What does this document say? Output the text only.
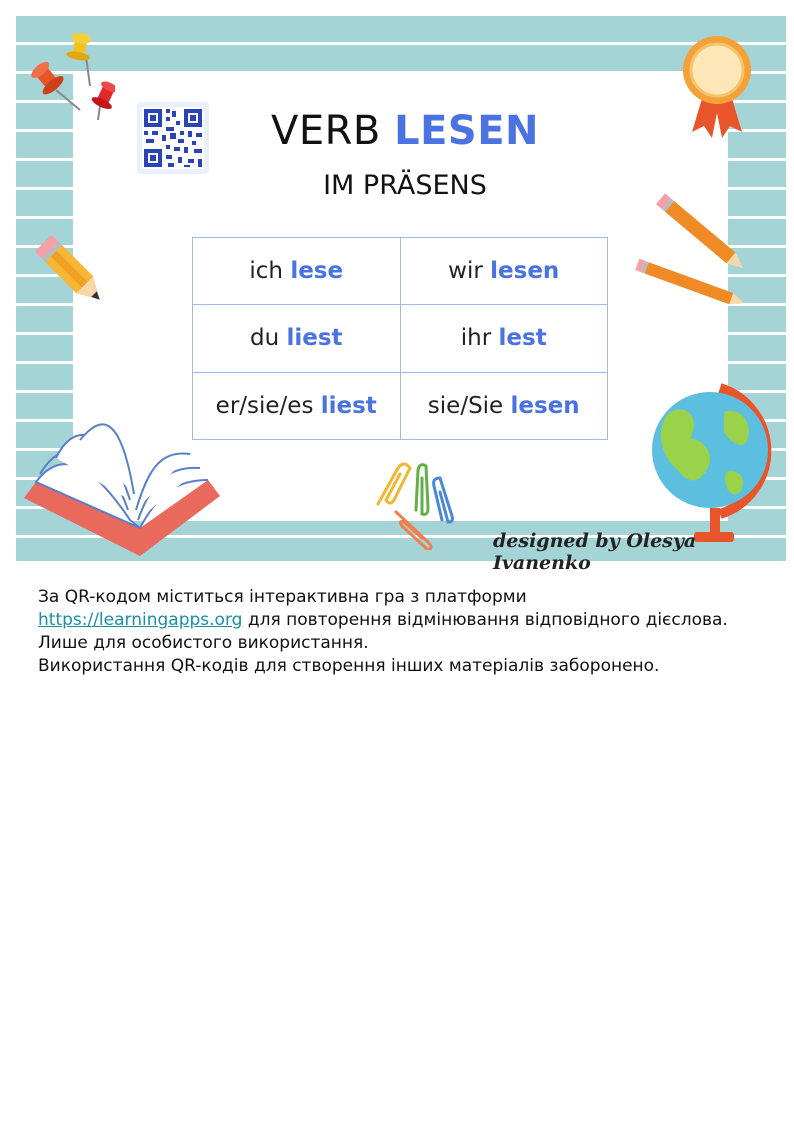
VERB LESEN
IM PRÄSENS
ich lese	wir lesen
du liest	ihr lest
er/sie/es liest	sie/Sie lesen
designed by Olesya Ivanenko

За QR-кодом міститься інтерактивна гра з платформи
https://learningapps.org для повторення відмінювання відповідного дієслова.

Лише для особистого використання.

Використання QR-кодів для створення інших матеріалів заборонено.
